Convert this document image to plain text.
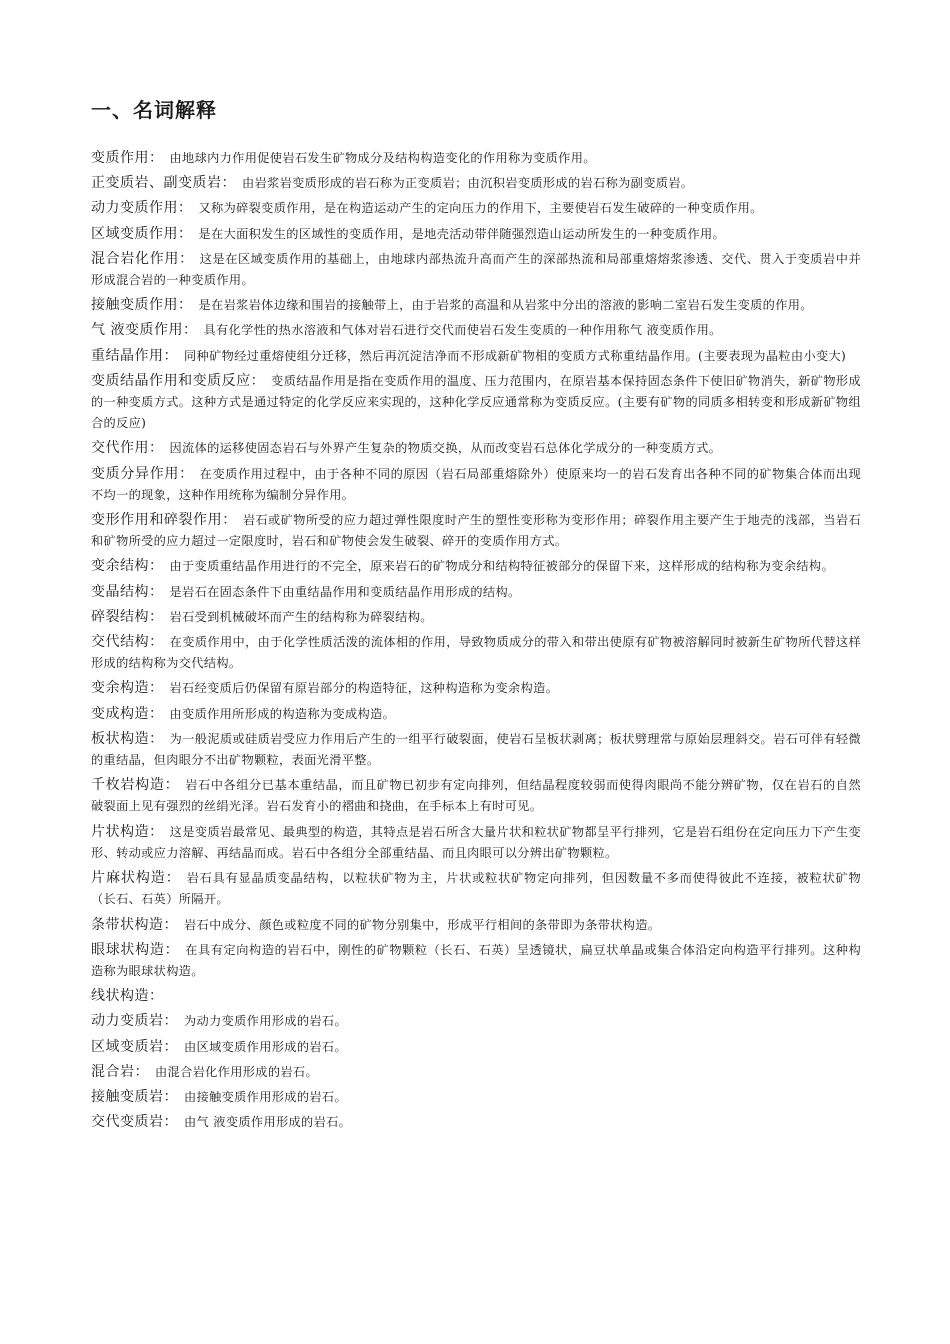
一、名词解释

变质作用： 由地球内力作用促使岩石发生矿物成分及结构构造变化的作用称为变质作用。

正变质岩、副变质岩： 由岩浆岩变质形成的岩石称为正变质岩；由沉积岩变质形成的岩石称为副变质岩。

动力变质作用： 又称为碎裂变质作用，是在构造运动产生的定向压力的作用下，主要使岩石发生破碎的一种变质作用。

区域变质作用： 是在大面积发生的区域性的变质作用，是地壳活动带伴随强烈造山运动所发生的一种变质作用。

混合岩化作用： 这是在区域变质作用的基础上，由地球内部热流升高而产生的深部热流和局部重熔熔浆渗透、交代、贯入于变质岩中并形成混合岩的一种变质作用。

接触变质作用： 是在岩浆岩体边缘和围岩的接触带上，由于岩浆的高温和从岩浆中分出的溶液的影响二室岩石发生变质的作用。

气 液变质作用： 具有化学性的热水溶液和气体对岩石进行交代而使岩石发生变质的一种作用称气 液变质作用。

重结晶作用： 同种矿物经过重熔使组分迁移，然后再沉淀洁净而不形成新矿物相的变质方式称重结晶作用。(主要表现为晶粒由小变大)

变质结晶作用和变质反应： 变质结晶作用是指在变质作用的温度、压力范围内，在原岩基本保持固态条件下使旧矿物消失，新矿物形成的一种变质方式。这种方式是通过特定的化学反应来实现的，这种化学反应通常称为变质反应。(主要有矿物的同质多相转变和形成新矿物组合的反应)

交代作用： 因流体的运移使固态岩石与外界产生复杂的物质交换，从而改变岩石总体化学成分的一种变质方式。

变质分异作用： 在变质作用过程中，由于各种不同的原因（岩石局部重熔除外）使原来均一的岩石发育出各种不同的矿物集合体而出现不均一的现象，这种作用统称为编制分异作用。

变形作用和碎裂作用： 岩石或矿物所受的应力超过弹性限度时产生的塑性变形称为变形作用；碎裂作用主要产生于地壳的浅部，当岩石和矿物所受的应力超过一定限度时，岩石和矿物使会发生破裂、碎开的变质作用方式。

变余结构： 由于变质重结晶作用进行的不完全，原来岩石的矿物成分和结构特征被部分的保留下来，这样形成的结构称为变余结构。

变晶结构： 是岩石在固态条件下由重结晶作用和变质结晶作用形成的结构。

碎裂结构： 岩石受到机械破坏而产生的结构称为碎裂结构。

交代结构： 在变质作用中，由于化学性质活泼的流体相的作用，导致物质成分的带入和带出使原有矿物被溶解同时被新生矿物所代替这样形成的结构称为交代结构。

变余构造： 岩石经变质后仍保留有原岩部分的构造特征，这种构造称为变余构造。

变成构造： 由变质作用所形成的构造称为变成构造。

板状构造： 为一般泥质或硅质岩受应力作用后产生的一组平行破裂面，使岩石呈板状剥离；板状劈理常与原始层理斜交。岩石可伴有轻微的重结晶，但肉眼分不出矿物颗粒，表面光滑平整。

千枚岩构造： 岩石中各组分已基本重结晶，而且矿物已初步有定向排列，但结晶程度较弱而使得肉眼尚不能分辨矿物，仅在岩石的自然破裂面上见有强烈的丝绢光泽。岩石发育小的褶曲和挠曲，在手标本上有时可见。

片状构造： 这是变质岩最常见、最典型的构造，其特点是岩石所含大量片状和粒状矿物都呈平行排列，它是岩石组份在定向压力下产生变形、转动或应力溶解、再结晶而成。岩石中各组分全部重结晶、而且肉眼可以分辨出矿物颗粒。

片麻状构造： 岩石具有显晶质变晶结构，以粒状矿物为主，片状或粒状矿物定向排列，但因数量不多而使得彼此不连接，被粒状矿物（长石、石英）所隔开。

条带状构造： 岩石中成分、颜色或粒度不同的矿物分别集中，形成平行相间的条带即为条带状构造。

眼球状构造： 在具有定向构造的岩石中，刚性的矿物颗粒（长石、石英）呈透镜状，扁豆状单晶或集合体沿定向构造平行排列。这种构造称为眼球状构造。

线状构造：

动力变质岩： 为动力变质作用形成的岩石。

区域变质岩： 由区域变质作用形成的岩石。

混合岩： 由混合岩化作用形成的岩石。

接触变质岩： 由接触变质作用形成的岩石。

交代变质岩： 由气 液变质作用形成的岩石。
